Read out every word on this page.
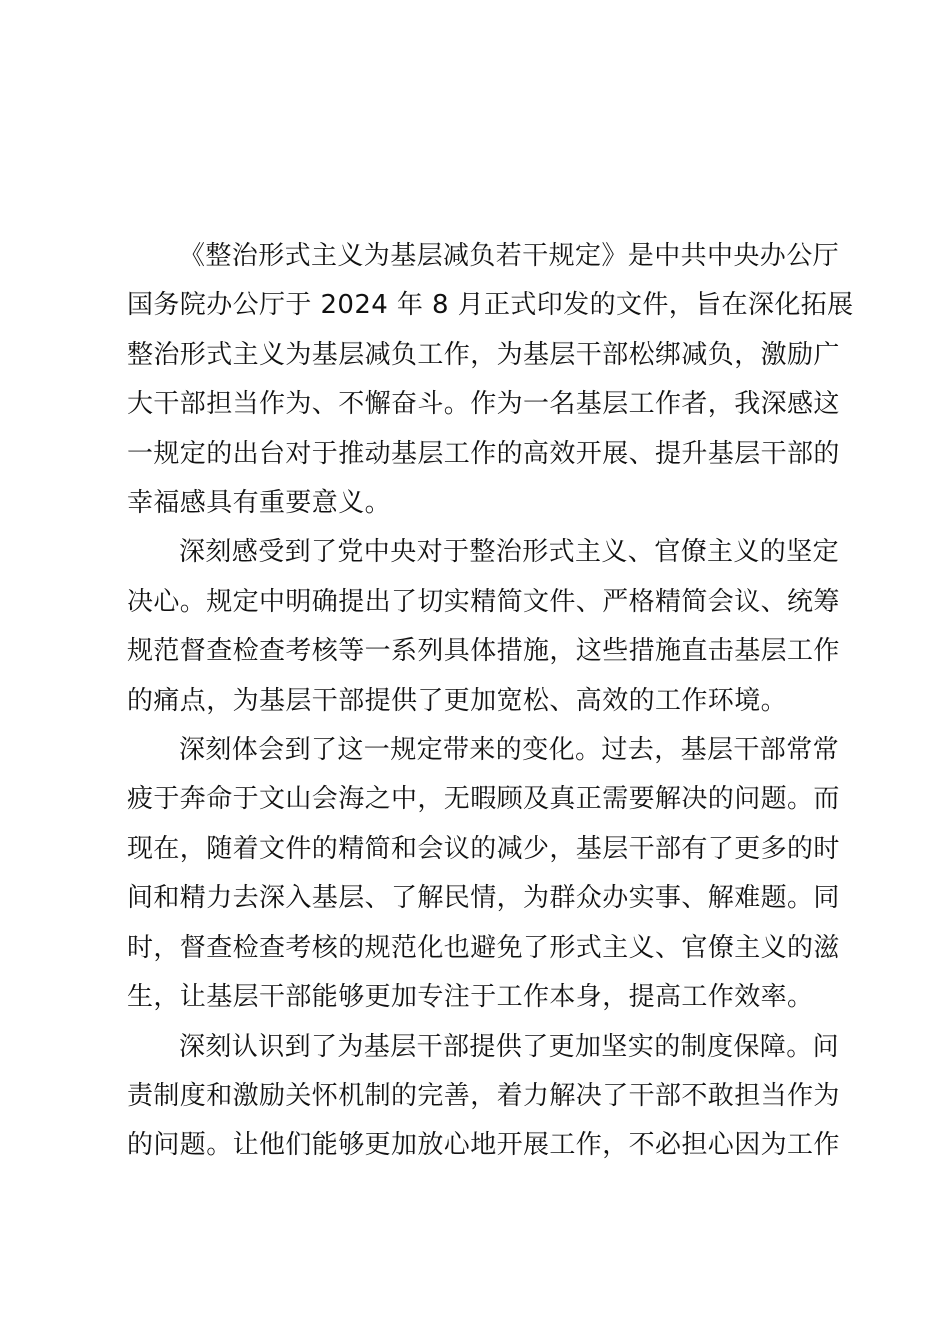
《整治形式主义为基层减负若干规定》是中共中央办公厅
国务院办公厅于 2024 年 8 月正式印发的文件，旨在深化拓展
整治形式主义为基层减负工作，为基层干部松绑减负，激励广
大干部担当作为、不懈奋斗。作为一名基层工作者，我深感这
一规定的出台对于推动基层工作的高效开展、提升基层干部的
幸福感具有重要意义。

深刻感受到了党中央对于整治形式主义、官僚主义的坚定
决心。规定中明确提出了切实精简文件、严格精简会议、统筹
规范督查检查考核等一系列具体措施，这些措施直击基层工作
的痛点，为基层干部提供了更加宽松、高效的工作环境。

深刻体会到了这一规定带来的变化。过去，基层干部常常
疲于奔命于文山会海之中，无暇顾及真正需要解决的问题。而
现在，随着文件的精简和会议的减少，基层干部有了更多的时
间和精力去深入基层、了解民情，为群众办实事、解难题。同
时，督查检查考核的规范化也避免了形式主义、官僚主义的滋
生，让基层干部能够更加专注于工作本身，提高工作效率。

深刻认识到了为基层干部提供了更加坚实的制度保障。问
责制度和激励关怀机制的完善，着力解决了干部不敢担当作为
的问题。让他们能够更加放心地开展工作，不必担心因为工作
